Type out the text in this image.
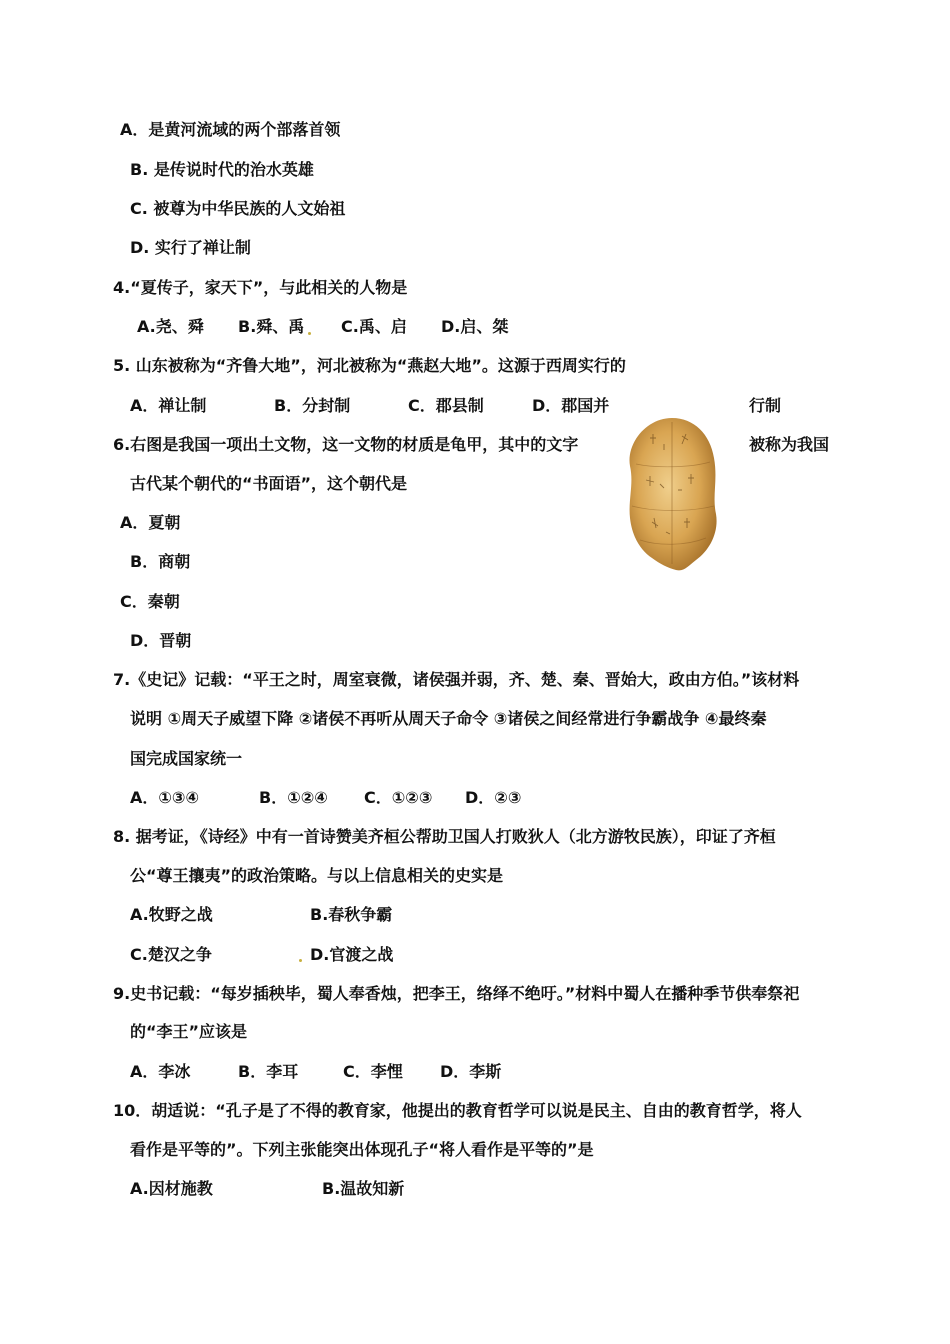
A．是黄河流域的两个部落首领
B. 是传说时代的治水英雄
C. 被尊为中华民族的人文始祖
D. 实行了禅让制
4.“夏传子，家天下”，与此相关的人物是
A.尧、舜 B.舜、禹 C.禹、启 D.启、桀
5. 山东被称为“齐鲁大地”，河北被称为“燕赵大地”。这源于西周实行的
A．禅让制	B．分封制	C．郡县制	D．郡国并	行制
6.右图是我国一项出土文物，这一文物的材质是龟甲，其中的文字	被称为我国
古代某个朝代的“书面语”，这个朝代是
A．夏朝
B．商朝
C．秦朝
D．晋朝
7.《史记》记载：“平王之时，周室衰微，诸侯强并弱，齐、楚、秦、晋始大，政由方伯。”该材料
说明 ①周天子威望下降 ②诸侯不再听从周天子命令 ③诸侯之间经常进行争霸战争 ④最终秦
国完成国家统一
A．①③④	B．①②④ C．①②③ D．②③
8. 据考证，《诗经》中有一首诗赞美齐桓公帮助卫国人打败狄人（北方游牧民族），印证了齐桓
公“尊王攘夷”的政治策略。与以上信息相关的史实是
A.牧野之战	B.春秋争霸
C.楚汉之争	D.官渡之战
9.史书记载：“每岁插秧毕，蜀人奉香烛，把李王，络绎不绝吁。”材料中蜀人在播种季节供奉祭祀
的“李王”应该是
A．李冰	B．李耳	C．李悝 D．李斯
10．胡适说：“孔子是了不得的教育家，他提出的教育哲学可以说是民主、自由的教育哲学，将人
看作是平等的”。下列主张能突出体现孔子“将人看作是平等的”是
A.因材施教	B.温故知新
